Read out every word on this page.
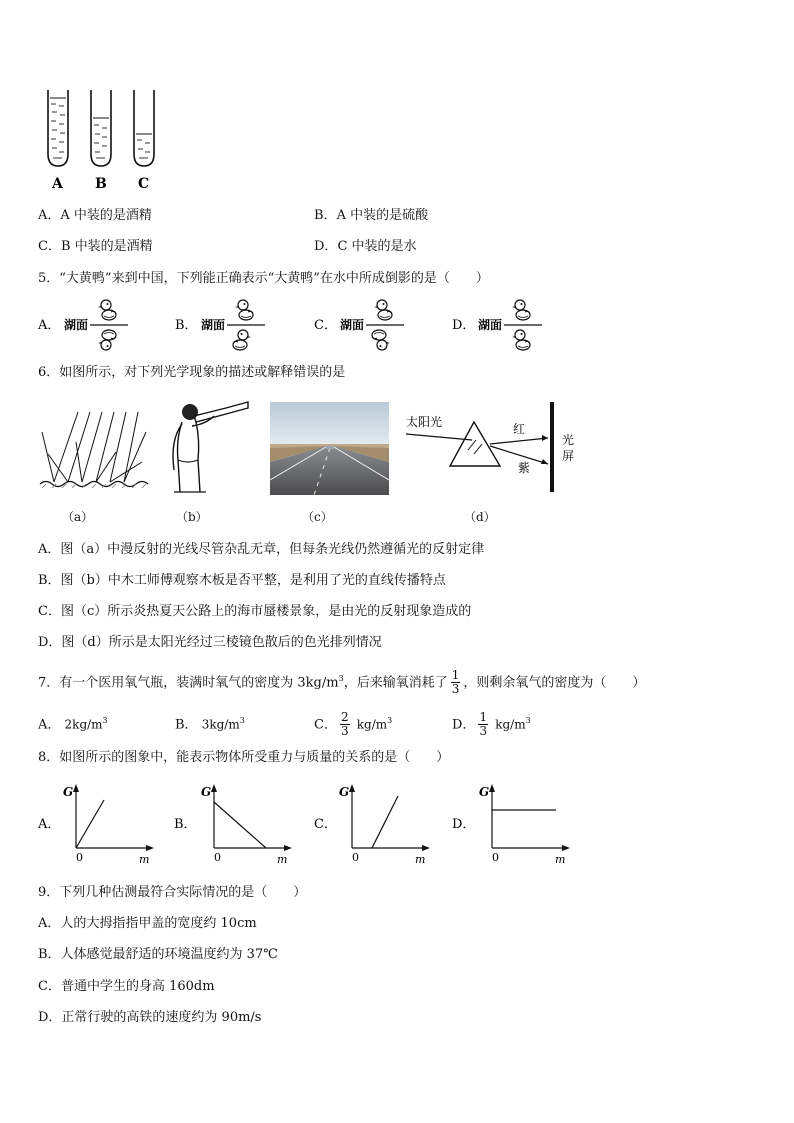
A B C
A．A 中装的是酒精	B．A 中装的是硫酸
C．B 中装的是酒精	D．C 中装的是水
5．“大黄鸭”来到中国，下列能正确表示“大黄鸭”在水中所成倒影的是（　　）
A． 湖面	B． 湖面	C． 湖面	D． 湖面
6．如图所示，对下列光学现象的描述或解释错误的是
太阳光	红
紫
光
屏
（a）	（b）	（c）	（d）
A．图（a）中漫反射的光线尽管杂乱无章，但每条光线仍然遵循光的反射定律
B．图（b）中木工师傅观察木板是否平整，是利用了光的直线传播特点
C．图（c）所示炎热夏天公路上的海市蜃楼景象，是由光的反射现象造成的
D．图（d）所示是太阳光经过三棱镜色散后的色光排列情况
7．有一个医用氧气瓶，装满时氧气的密度为 $3kg/m^3$，后来输氧消耗了 $\frac{1}{3}$ ，则剩余氧气的密度为（　　）
A． $2kg/m^3$	B． $3kg/m^3$	C． $\frac{2}{3} kg/m^3$	D． $\frac{1}{3} kg/m^3$
8．如图所示的图象中，能表示物体所受重力与质量的关系的是（　　）
A．
G
0	m
B．
G
0	m
C．
G
0	m
D．
G
0	m
9．下列几种估测最符合实际情况的是（　　）
A．人的大拇指指甲盖的宽度约 10cm
B．人体感觉最舒适的环境温度约为 37℃
C．普通中学生的身高 160dm
D．正常行驶的高铁的速度约为 90m/s
